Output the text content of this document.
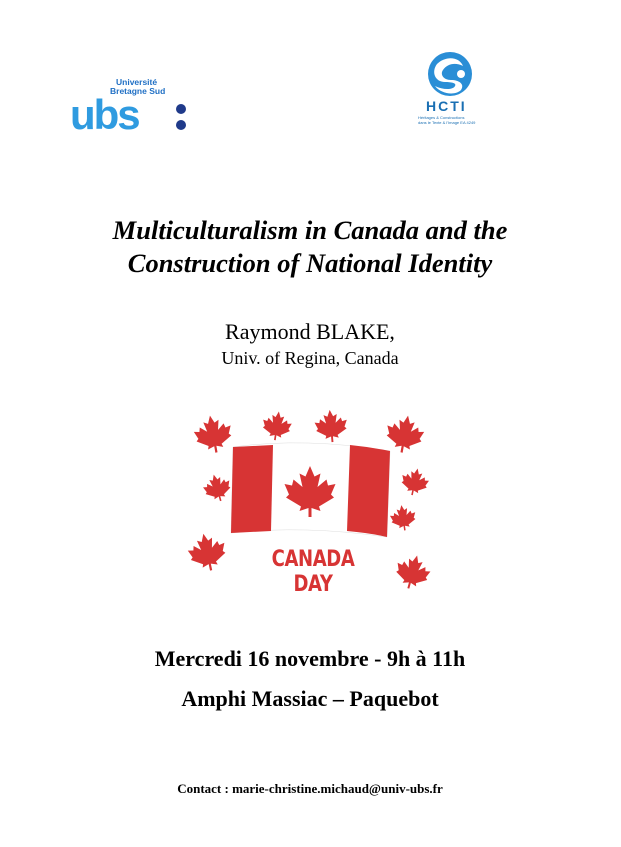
Université
Bretagne Sud
ubs	HCTI
Héritages & Constructions
dans le Texte & l'Image EA 4249
Multiculturalism in Canada and the
Construction of National Identity
Raymond BLAKE,
Univ. of Regina, Canada
CANADA DAY
Mercredi 16 novembre - 9h à 11h
Amphi Massiac – Paquebot
Contact : marie-christine.michaud@univ-ubs.fr
